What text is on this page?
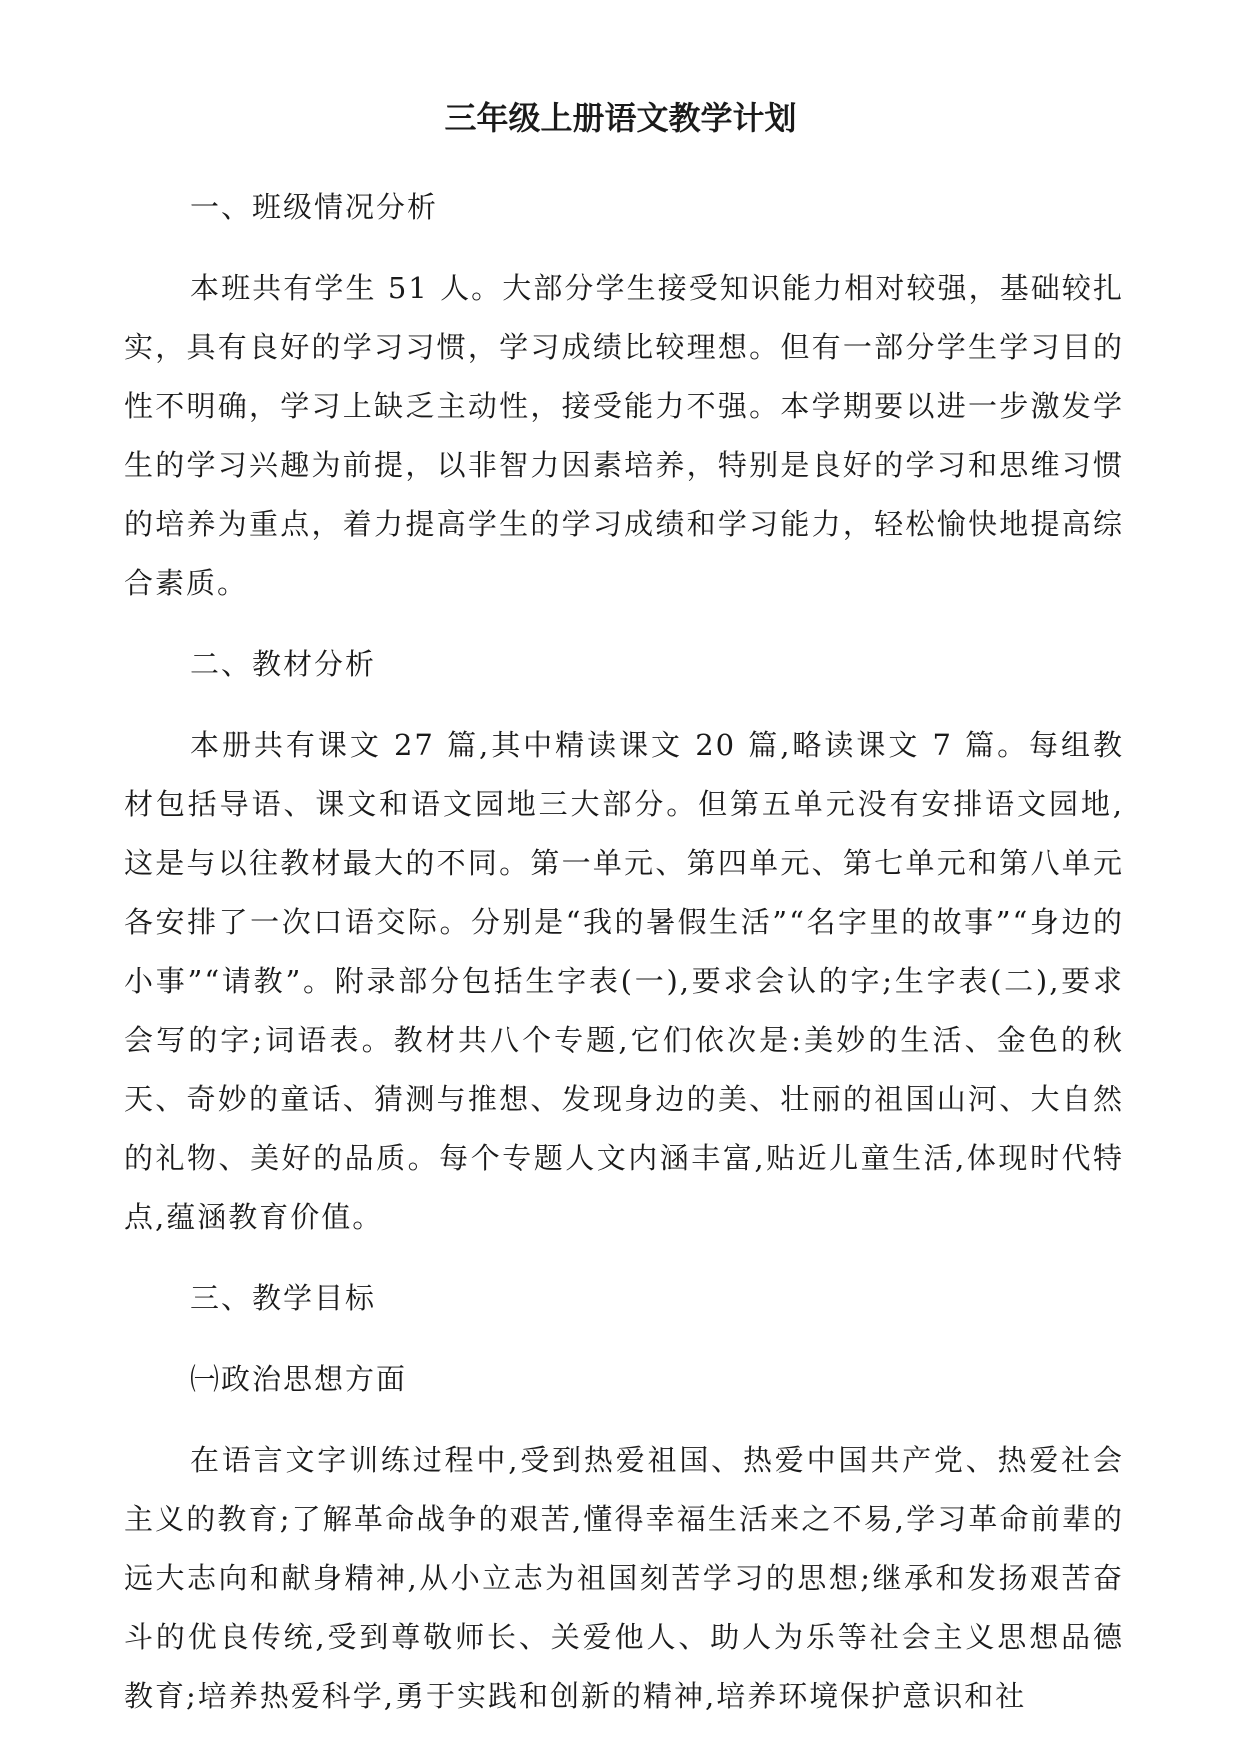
三年级上册语文教学计划
一、班级情况分析

本班共有学生 51 人。大部分学生接受知识能力相对较强，基础较扎实，具有良好的学习习惯，学习成绩比较理想。但有一部分学生学习目的性不明确，学习上缺乏主动性，接受能力不强。本学期要以进一步激发学生的学习兴趣为前提，以非智力因素培养，特别是良好的学习和思维习惯的培养为重点，着力提高学生的学习成绩和学习能力，轻松愉快地提高综合素质。

二、教材分析

本册共有课文 27 篇,其中精读课文 20 篇,略读课文 7 篇。每组教材包括导语、课文和语文园地三大部分。但第五单元没有安排语文园地,这是与以往教材最大的不同。第一单元、第四单元、第七单元和第八单元各安排了一次口语交际。分别是“我的暑假生活”“名字里的故事”“身边的小事”“请教”。附录部分包括生字表(一),要求会认的字;生字表(二),要求会写的字;词语表。教材共八个专题,它们依次是:美妙的生活、金色的秋天、奇妙的童话、猜测与推想、发现身边的美、壮丽的祖国山河、大自然的礼物、美好的品质。每个专题人文内涵丰富,贴近儿童生活,体现时代特点,蕴涵教育价值。

三、教学目标
㈠政治思想方面

在语言文字训练过程中,受到热爱祖国、热爱中国共产党、热爱社会主义的教育;了解革命战争的艰苦,懂得幸福生活来之不易,学习革命前辈的远大志向和献身精神,从小立志为祖国刻苦学习的思想;继承和发扬艰苦奋斗的优良传统,受到尊敬师长、关爱他人、助人为乐等社会主义思想品德教育;培养热爱科学,勇于实践和创新的精神,培养环境保护意识和社
